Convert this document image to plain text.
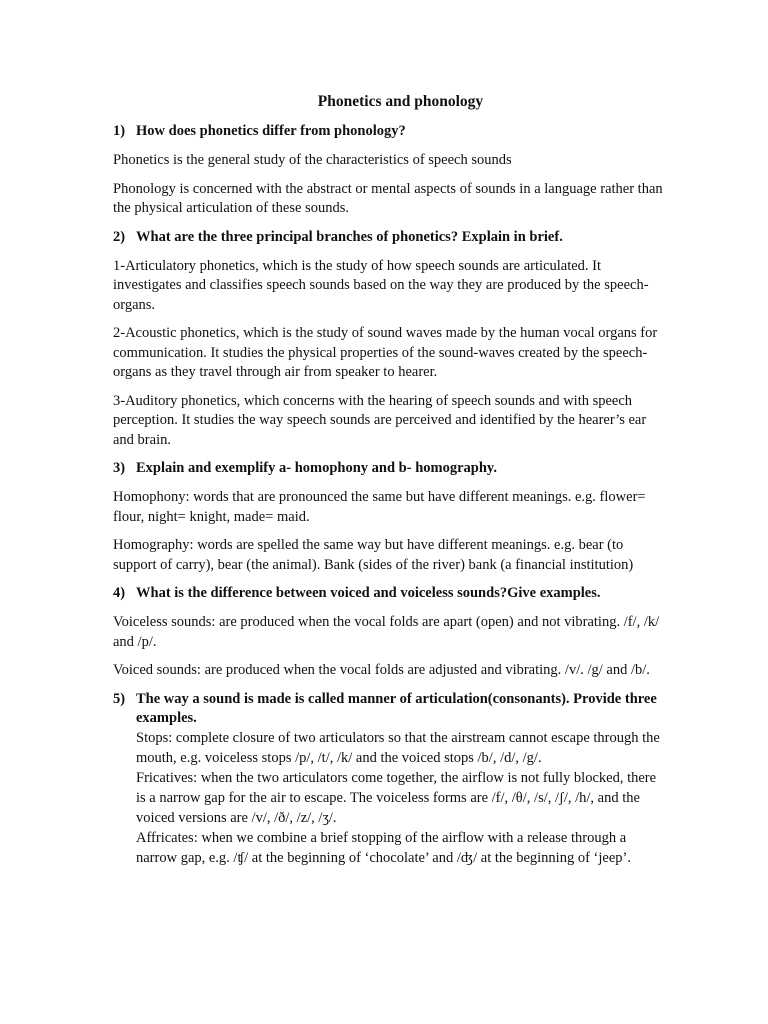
Phonetics and phonology
1) How does phonetics differ from phonology?

Phonetics is the general study of the characteristics of speech sounds

Phonology is concerned with the abstract or mental aspects of sounds in a language rather than the physical articulation of these sounds.

2) What are the three principal branches of phonetics? Explain in brief.

1-Articulatory phonetics, which is the study of how speech sounds are articulated. It investigates and classifies speech sounds based on the way they are produced by the speech-organs.

2-Acoustic phonetics, which is the study of sound waves made by the human vocal organs for communication. It studies the physical properties of the sound-waves created by the speech-organs as they travel through air from speaker to hearer.

3-Auditory phonetics, which concerns with the hearing of speech sounds and with speech perception. It studies the way speech sounds are perceived and identified by the hearer’s ear and brain.

3) Explain and exemplify a- homophony and b- homography.

Homophony: words that are pronounced the same but have different meanings. e.g. flower= flour, night= knight, made= maid.

Homography: words are spelled the same way but have different meanings. e.g. bear (to support of carry), bear (the animal). Bank (sides of the river) bank (a financial institution)

4) What is the difference between voiced and voiceless sounds?Give examples.

Voiceless sounds: are produced when the vocal folds are apart (open) and not vibrating. /f/, /k/ and /p/.

Voiced sounds: are produced when the vocal folds are adjusted and vibrating. /v/. /g/ and /b/.

5) The way a sound is made is called manner of articulation(consonants). Provide three examples.

Stops: complete closure of two articulators so that the airstream cannot escape through the mouth, e.g. voiceless stops /p/, /t/, /k/ and the voiced stops /b/, /d/, /g/.

Fricatives: when the two articulators come together, the airflow is not fully blocked, there is a narrow gap for the air to escape. The voiceless forms are /f/, /θ/, /s/, /ʃ/, /h/, and the voiced versions are /v/, /ð/, /z/, /ʒ/.

Affricates: when we combine a brief stopping of the airflow with a release through a narrow gap, e.g. /ʧ/ at the beginning of ‘chocolate’ and /ʤ/ at the beginning of ‘jeep’.
